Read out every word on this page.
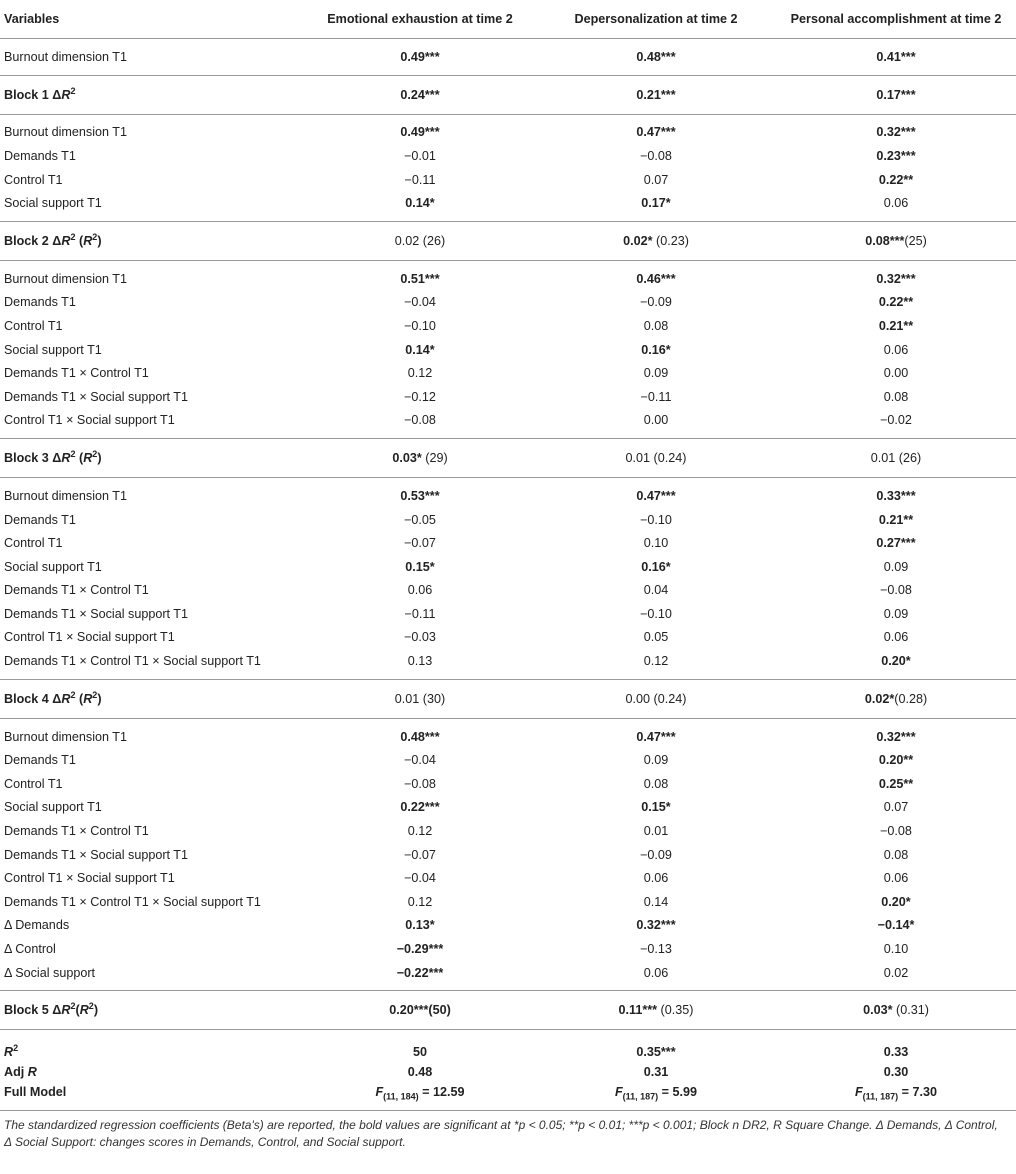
Variables	Emotional exhaustion at time 2	Depersonalization at time 2	Personal accomplishment at time 2
Burnout dimension T1	0.49***	0.48***	0.41***
Block 1 $\Delta R^2$	0.24***	0.21***	0.17***
Burnout dimension T1	0.49***	0.47***	0.32***
Demands T1	−0.01	−0.08	0.23***
Control T1	−0.11	0.07	0.22**
Social support T1	0.14*	0.17*	0.06
Block 2 $\Delta R^2$ $(R^2)$	0.02 (26)	0.02* (0.23)	0.08***(25)
Burnout dimension T1	0.51***	0.46***	0.32***
Demands T1	−0.04	−0.09	0.22**
Control T1	−0.10	0.08	0.21**
Social support T1	0.14*	0.16*	0.06
Demands T1 × Control T1	0.12	0.09	0.00
Demands T1 × Social support T1	−0.12	−0.11	0.08
Control T1 × Social support T1	−0.08	0.00	−0.02
Block 3 $\Delta R^2$ $(R^2)$	0.03* (29)	0.01 (0.24)	0.01 (26)
Burnout dimension T1	0.53***	0.47***	0.33***
Demands T1	−0.05	−0.10	0.21**
Control T1	−0.07	0.10	0.27***
Social support T1	0.15*	0.16*	0.09
Demands T1 × Control T1	0.06	0.04	−0.08
Demands T1 × Social support T1	−0.11	−0.10	0.09
Control T1 × Social support T1	−0.03	0.05	0.06
Demands T1 × Control T1 × Social support T1	0.13	0.12	0.20*
Block 4 $\Delta R^2$ $(R^2)$	0.01 (30)	0.00 (0.24)	0.02*(0.28)
Burnout dimension T1	0.48***	0.47***	0.32***
Demands T1	−0.04	0.09	0.20**
Control T1	−0.08	0.08	0.25**
Social support T1	0.22***	0.15*	0.07
Demands T1 × Control T1	0.12	0.01	−0.08
Demands T1 × Social support T1	−0.07	−0.09	0.08
Control T1 × Social support T1	−0.04	0.06	0.06
Demands T1 × Control T1 × Social support T1	0.12	0.14	0.20*
Δ Demands	0.13*	0.32***	−0.14*
Δ Control	−0.29***	−0.13	0.10
Δ Social support	−0.22***	0.06	0.02
Block 5 $\Delta R^2(R^2)$	0.20***(50)	0.11*** (0.35)	0.03* (0.31)
$R^2$	50	0.35***	0.33
Adj R	0.48	0.31	0.30
Full Model	$F_{(11, 184)} = 12.59$	$F_{(11, 187)} = 5.99$	$F_{(11, 187)} = 7.30$
The standardized regression coefficients (Beta's) are reported, the bold values are significant at *p < 0.05; **p < 0.01; ***p < 0.001; Block n DR2, R Square Change. Δ Demands, Δ Control, Δ Social Support: changes scores in Demands, Control, and Social support.
